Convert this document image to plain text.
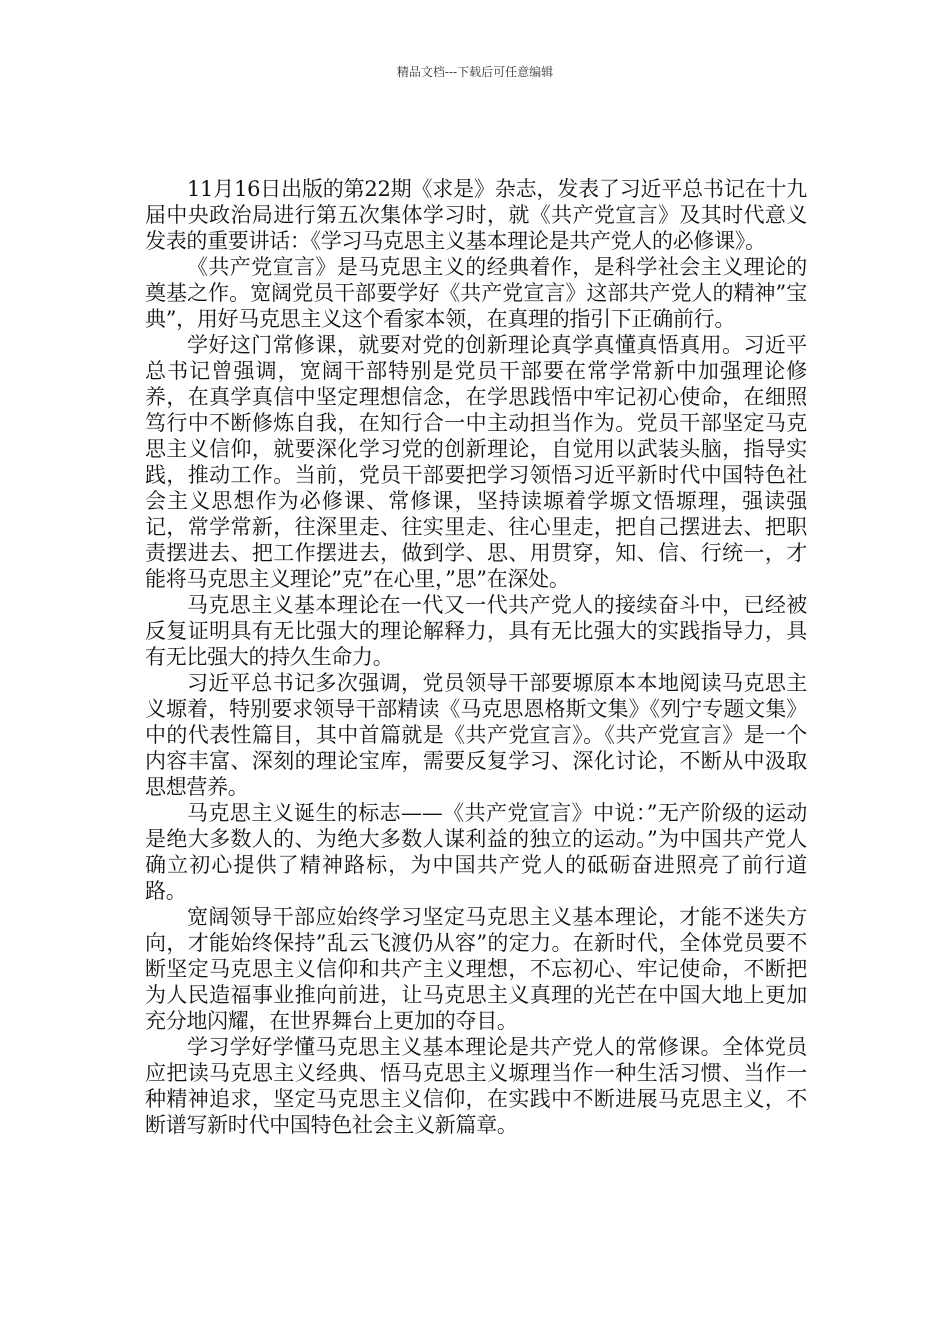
精品文档---下载后可任意编辑

11月16日出版的第22期《求是》杂志，发表了习近平总书记在十九届中央政治局进行第五次集体学习时，就《共产党宣言》及其时代意义发表的重要讲话：《学习马克思主义基本理论是共产党人的必修课》。

《共产党宣言》是马克思主义的经典着作，是科学社会主义理论的奠基之作。宽阔党员干部要学好《共产党宣言》这部共产党人的精神”宝典”，用好马克思主义这个看家本领，在真理的指引下正确前行。

学好这门常修课，就要对党的创新理论真学真懂真悟真用。习近平总书记曾强调，宽阔干部特别是党员干部要在常学常新中加强理论修养，在真学真信中坚定理想信念，在学思践悟中牢记初心使命，在细照笃行中不断修炼自我，在知行合一中主动担当作为。党员干部坚定马克思主义信仰，就要深化学习党的创新理论，自觉用以武装头脑，指导实践，推动工作。当前，党员干部要把学习领悟习近平新时代中国特色社会主义思想作为必修课、常修课，坚持读塬着学塬文悟塬理，强读强记，常学常新，往深里走、往实里走、往心里走，把自己摆进去、把职责摆进去、把工作摆进去，做到学、思、用贯穿，知、信、行统一，才能将马克思主义理论”克”在心里，”思”在深处。

马克思主义基本理论在一代又一代共产党人的接续奋斗中，已经被反复证明具有无比强大的理论解释力，具有无比强大的实践指导力，具有无比强大的持久生命力。

习近平总书记多次强调，党员领导干部要塬原本本地阅读马克思主义塬着，特别要求领导干部精读《马克思恩格斯文集》《列宁专题文集》中的代表性篇目，其中首篇就是《共产党宣言》。《共产党宣言》是一个内容丰富、深刻的理论宝库，需要反复学习、深化讨论，不断从中汲取思想营养。

马克思主义诞生的标志——《共产党宣言》中说：”无产阶级的运动是绝大多数人的、为绝大多数人谋利益的独立的运动。”为中国共产党人确立初心提供了精神路标，为中国共产党人的砥砺奋进照亮了前行道路。

宽阔领导干部应始终学习坚定马克思主义基本理论，才能不迷失方向，才能始终保持”乱云飞渡仍从容”的定力。在新时代，全体党员要不断坚定马克思主义信仰和共产主义理想，不忘初心、牢记使命，不断把为人民造福事业推向前进，让马克思主义真理的光芒在中国大地上更加充分地闪耀，在世界舞台上更加的夺目。

学习学好学懂马克思主义基本理论是共产党人的常修课。全体党员应把读马克思主义经典、悟马克思主义塬理当作一种生活习惯、当作一种精神追求，坚定马克思主义信仰，在实践中不断进展马克思主义，不断谱写新时代中国特色社会主义新篇章。
